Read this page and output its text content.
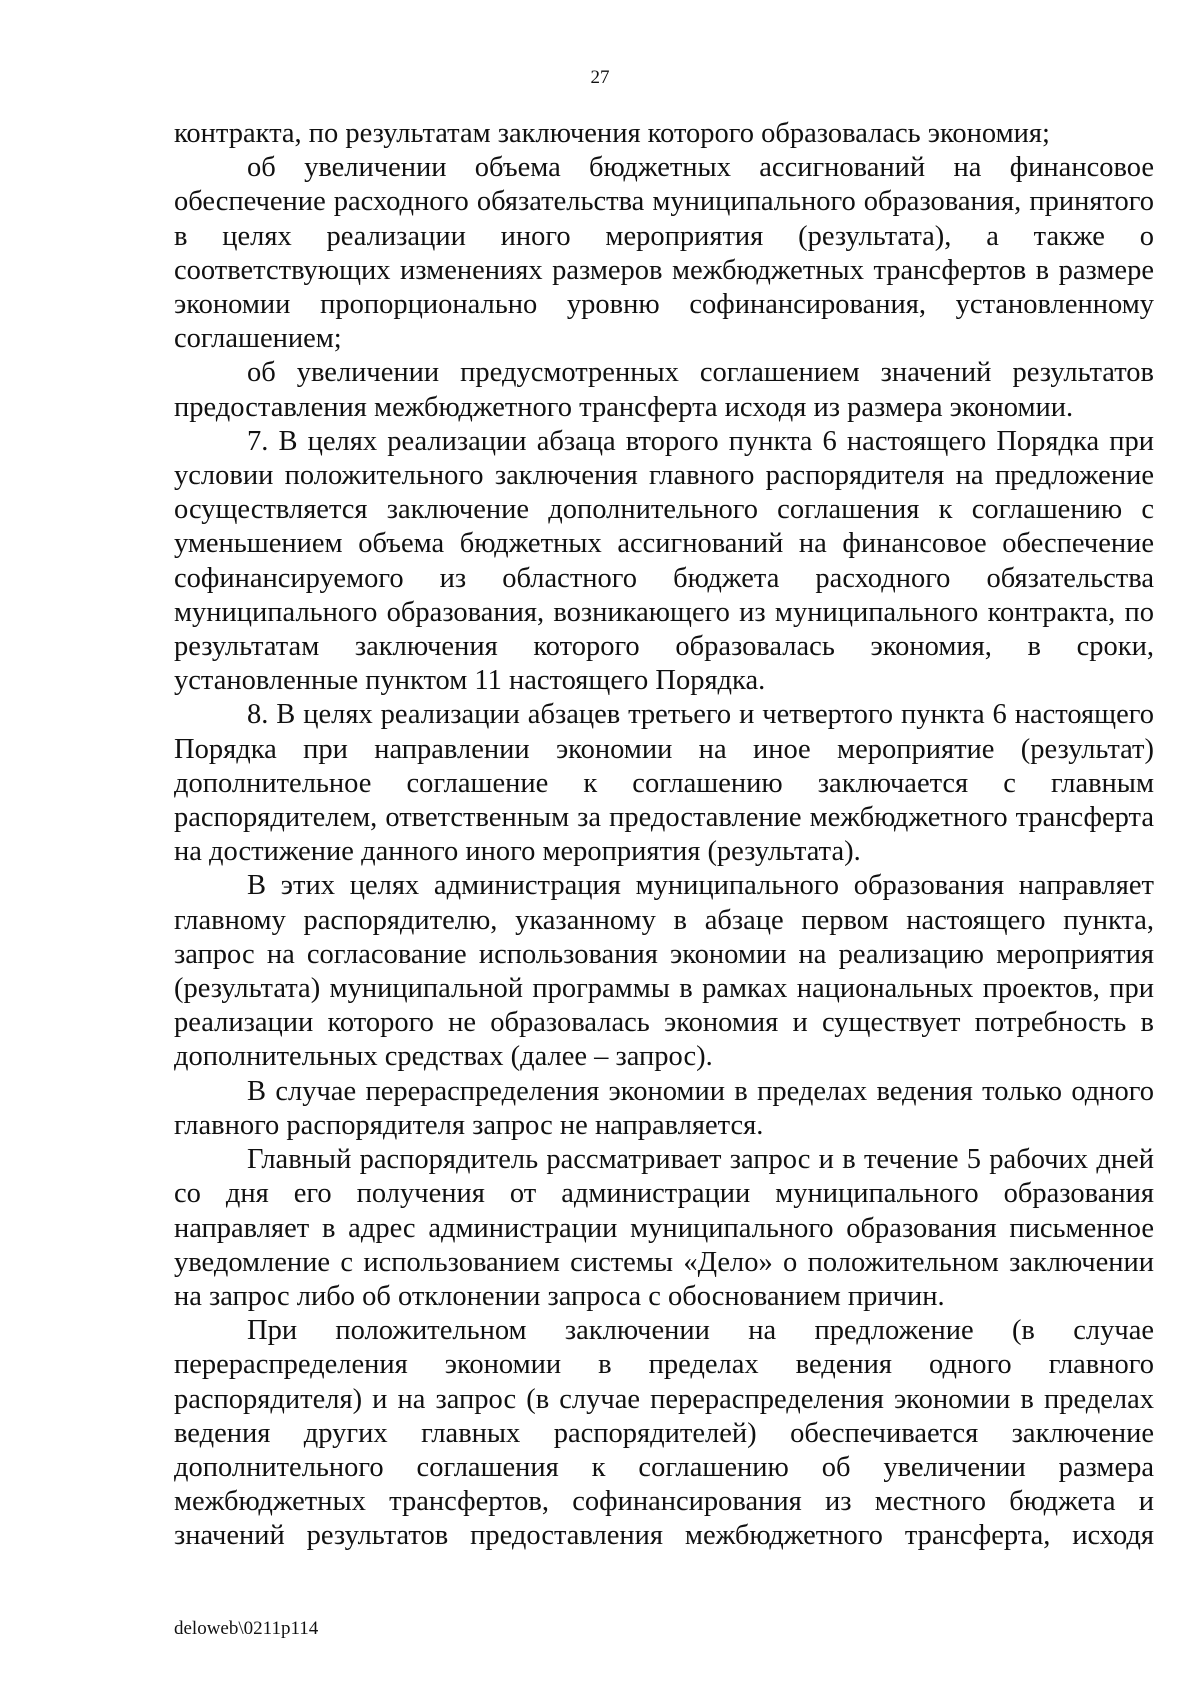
27

контракта, по результатам заключения которого образовалась экономия;

об увеличении объема бюджетных ассигнований на финансовое обеспечение расходного обязательства муниципального образования, принятого в целях реализации иного мероприятия (результата), а также о соответствующих изменениях размеров межбюджетных трансфертов в размере экономии пропорционально уровню софинансирования, установленному соглашением;

об увеличении предусмотренных соглашением значений результатов предоставления межбюджетного трансферта исходя из размера экономии.

7. В целях реализации абзаца второго пункта 6 настоящего Порядка при условии положительного заключения главного распорядителя на предложение осуществляется заключение дополнительного соглашения к соглашению с уменьшением объема бюджетных ассигнований на финансовое обеспечение софинансируемого из областного бюджета расходного обязательства муниципального образования, возникающего из муниципального контракта, по результатам заключения которого образовалась экономия, в сроки, установленные пунктом 11 настоящего Порядка.

8. В целях реализации абзацев третьего и четвертого пункта 6 настоящего Порядка при направлении экономии на иное мероприятие (результат) дополнительное соглашение к соглашению заключается с главным распорядителем, ответственным за предоставление межбюджетного трансферта на достижение данного иного мероприятия (результата).

В этих целях администрация муниципального образования направляет главному распорядителю, указанному в абзаце первом настоящего пункта, запрос на согласование использования экономии на реализацию мероприятия (результата) муниципальной программы в рамках национальных проектов, при реализации которого не образовалась экономия и существует потребность в дополнительных средствах (далее – запрос).

В случае перераспределения экономии в пределах ведения только одного главного распорядителя запрос не направляется.

Главный распорядитель рассматривает запрос и в течение 5 рабочих дней со дня его получения от администрации муниципального образования направляет в адрес администрации муниципального образования письменное уведомление с использованием системы «Дело» о положительном заключении на запрос либо об отклонении запроса с обоснованием причин.

При положительном заключении на предложение (в случае перераспределения экономии в пределах ведения одного главного распорядителя) и на запрос (в случае перераспределения экономии в пределах ведения других главных распорядителей) обеспечивается заключение дополнительного соглашения к соглашению об увеличении размера межбюджетных трансфертов, софинансирования из местного бюджета и значений результатов предоставления межбюджетного трансферта, исходя

deloweb\0211p114
